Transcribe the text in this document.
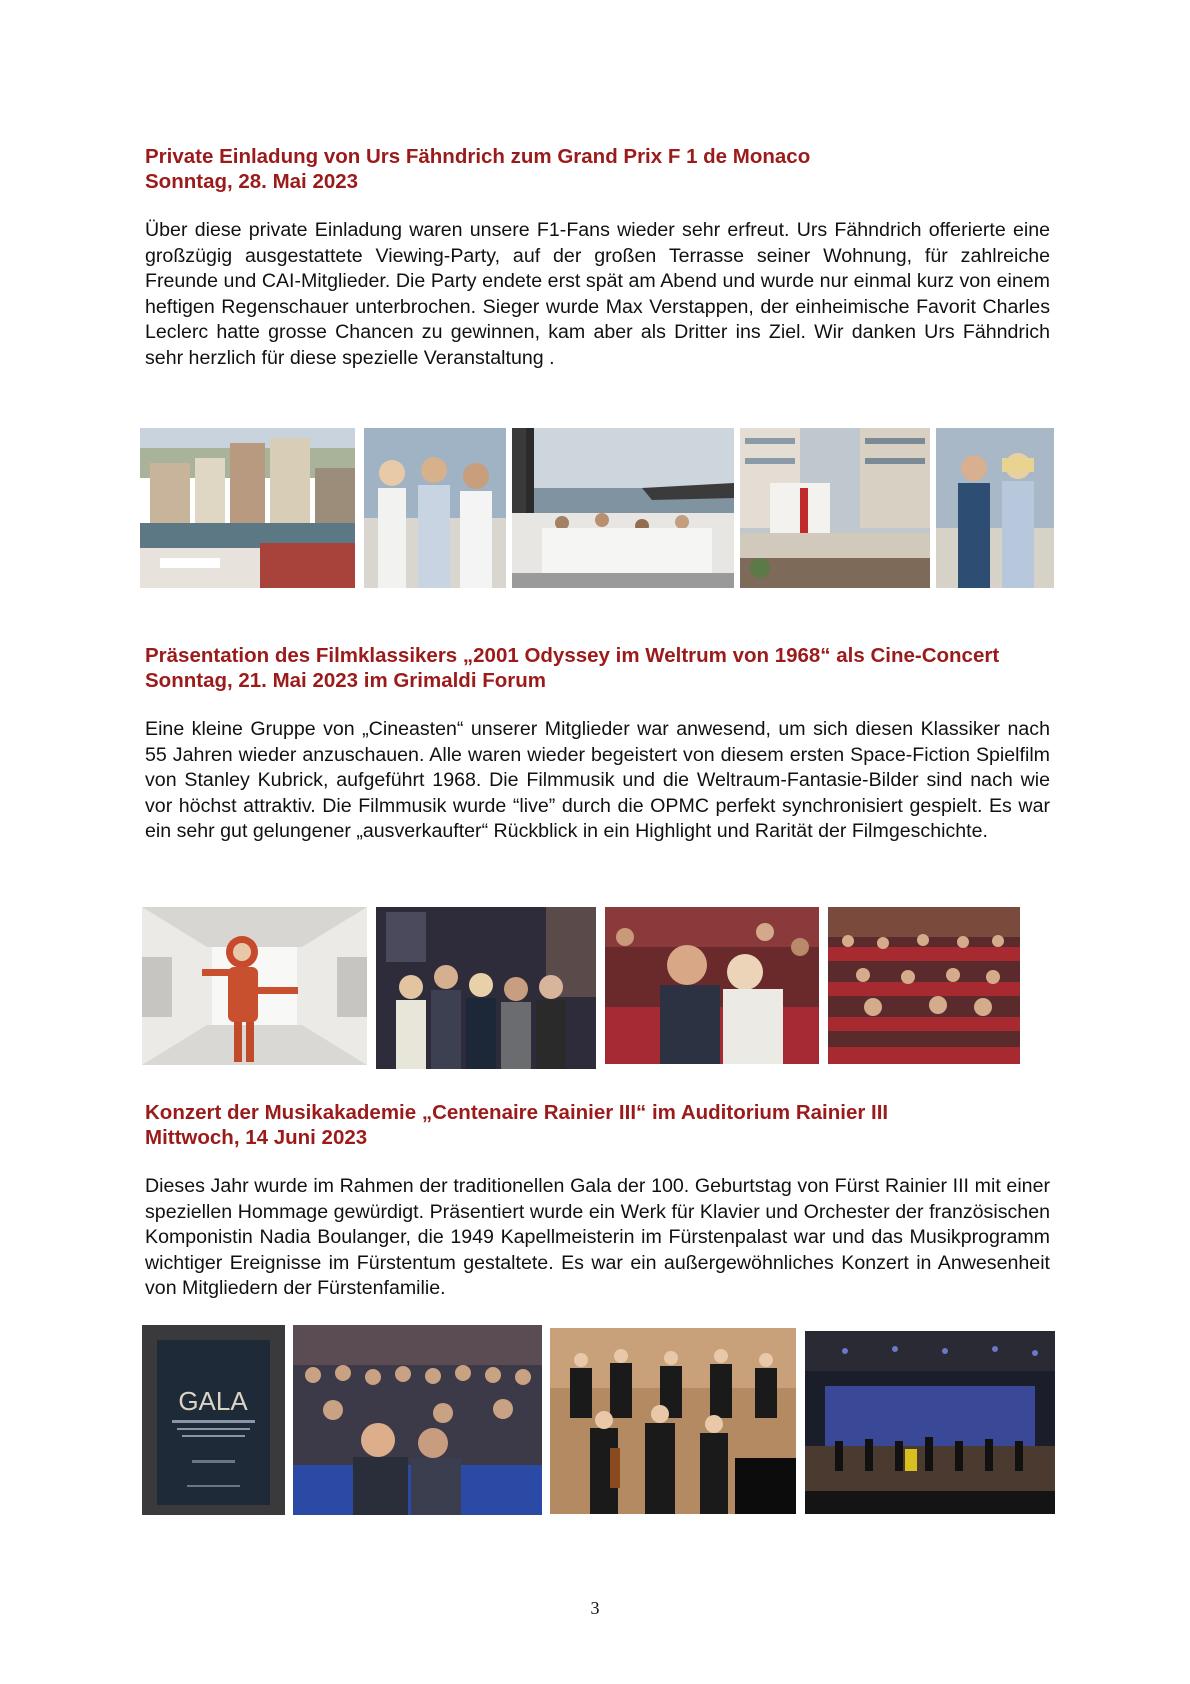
Private Einladung von Urs Fähndrich zum Grand Prix F 1 de Monaco

Sonntag, 28. Mai 2023

Über diese private Einladung waren unsere F1-Fans wieder sehr erfreut. Urs Fähndrich offerierte eine großzügig ausgestattete Viewing-Party, auf der großen Terrasse seiner Wohnung, für zahlreiche Freunde und CAI-Mitglieder. Die Party endete erst spät am Abend und wurde nur einmal kurz von einem heftigen Regenschauer unterbrochen. Sieger wurde Max Verstappen, der einheimische Favorit Charles Leclerc hatte grosse Chancen zu gewinnen, kam aber als Dritter ins Ziel. Wir danken Urs Fähndrich sehr herzlich für diese spezielle Veranstaltung .

Präsentation des Filmklassikers „2001 Odyssey im Weltrum von 1968“ als Cine-Concert

Sonntag, 21. Mai 2023 im Grimaldi Forum

Eine kleine Gruppe von „Cineasten“ unserer Mitglieder war anwesend, um sich diesen Klassiker nach 55 Jahren wieder anzuschauen. Alle waren wieder begeistert von diesem ersten Space-Fiction Spielfilm von Stanley Kubrick, aufgeführt 1968. Die Filmmusik und die Weltraum-Fantasie-Bilder sind nach wie vor höchst attraktiv. Die Filmmusik wurde “live” durch die OPMC perfekt synchronisiert gespielt. Es war ein sehr gut gelungener „ausverkaufter“ Rückblick in ein Highlight und Rarität der Filmgeschichte.

Konzert der Musikakademie „Centenaire Rainier III“ im Auditorium Rainier III

Mittwoch, 14 Juni 2023

Dieses Jahr wurde im Rahmen der traditionellen Gala der 100. Geburtstag von Fürst Rainier III mit einer speziellen Hommage gewürdigt. Präsentiert wurde ein Werk für Klavier und Orchester der französischen Komponistin Nadia Boulanger, die 1949 Kapellmeisterin im Fürstenpalast war und das Musikprogramm wichtiger Ereignisse im Fürstentum gestaltete. Es war ein außergewöhnliches Konzert in Anwesenheit von Mitgliedern der Fürstenfamilie.

GALA
3
